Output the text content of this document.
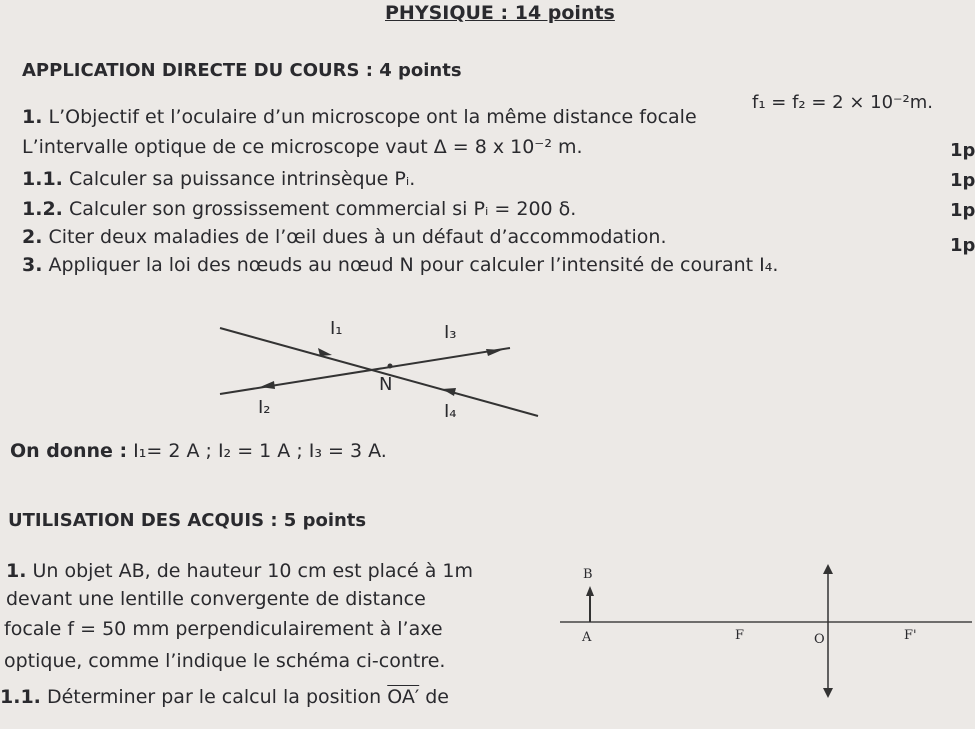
PHYSIQUE : 14 points
APPLICATION DIRECTE DU COURS : 4 points
1. L’Objectif et l’oculaire d’un microscope ont la même distance focale
f₁ = f₂ = 2 × 10⁻²m.
L’intervalle optique de ce microscope vaut Δ = 8 x 10⁻² m.
1.1. Calculer sa puissance intrinsèque Pᵢ.
1.2. Calculer son grossissement commercial si Pᵢ = 200 δ.
2. Citer deux maladies de l’œil dues à un défaut d’accommodation.
3. Appliquer la loi des nœuds au nœud N pour calculer l’intensité de courant I₄.
1p
1p
1p
1p
I₁	I₃
N
I₂	I₄
On donne : I₁= 2 A ; I₂ = 1 A ; I₃ = 3 A.
UTILISATION DES ACQUIS : 5 points
1. Un objet AB, de hauteur 10 cm est placé à 1m
devant une lentille convergente de distance
focale f = 50 mm perpendiculairement à l’axe
optique, comme l’indique le schéma ci-contre.
1.1. Déterminer par le calcul la position OA′ de
B
A	F	O	F'
